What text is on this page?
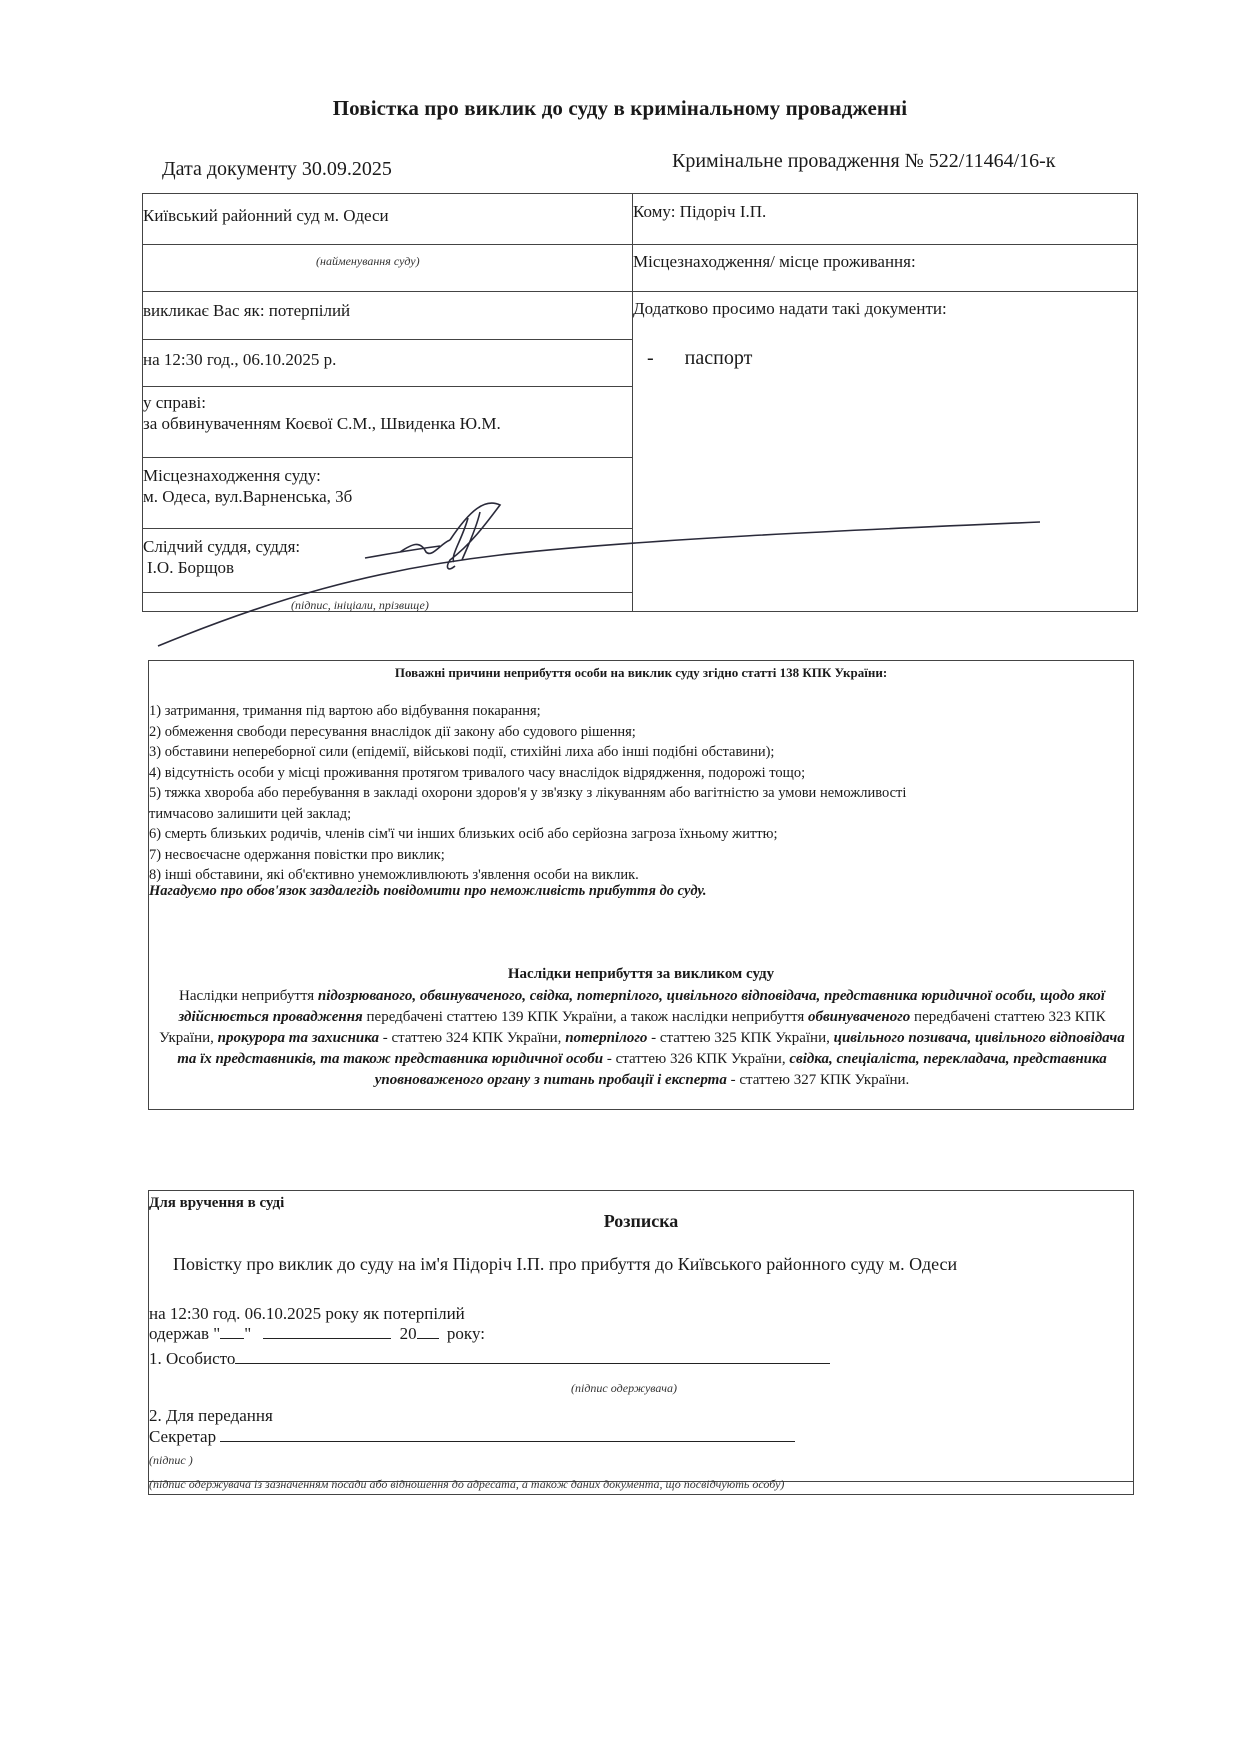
Повістка про виклик до суду в кримінальному провадженні
Дата документу 30.09.2025	Кримінальне провадження № 522/11464/16-к
Київський районний суд м. Одеси
(найменування суду)
викликає Вас як: потерпілий
на 12:30 год., 06.10.2025 р.
у справі:
за обвинуваченням Коєвої С.М., Швиденка Ю.М.
Місцезнаходження суду:
м. Одеса, вул.Варненська, 3б
Слідчий суддя, суддя:
І.О. Борщов
(підпис, ініціали, прізвище)
Кому: Підоріч І.П.
Місцезнаходження/ місце проживання:
Додатково просимо надати такі документи:
- паспорт
Поважні причини неприбуття особи на виклик суду згідно статті 138 КПК України:
1) затримання, тримання під вартою або відбування покарання;
2) обмеження свободи пересування внаслідок дії закону або судового рішення;
3) обставини непереборної сили (епідемії, військові події, стихійні лиха або інші подібні обставини);
4) відсутність особи у місці проживання протягом тривалого часу внаслідок відрядження, подорожі тощо;
5) тяжка хвороба або перебування в закладі охорони здоров'я у зв'язку з лікуванням або вагітністю за умови неможливості
тимчасово залишити цей заклад;
6) смерть близьких родичів, членів сім'ї чи інших близьких осіб або серйозна загроза їхньому життю;
7) несвоєчасне одержання повістки про виклик;
8) інші обставини, які об'єктивно унеможливлюють з'явлення особи на виклик.
Нагадуємо про обов'язок заздалегідь повідомити про неможливість прибуття до суду.
Наслідки неприбуття за викликом суду
Наслідки неприбуття підозрюваного, обвинуваченого, свідка, потерпілого, цивільного відповідача, представника юридичної особи, щодо якої здійснюється провадження передбачені статтею 139 КПК України, а також наслідки неприбуття обвинуваченого передбачені статтею 323 КПК України, прокурора та захисника - статтею 324 КПК України, потерпілого - статтею 325 КПК України, цивільного позивача, цивільного відповідача та їх представників, та також представника юридичної особи - статтею 326 КПК України, свідка, спеціаліста, перекладача, представника уповноваженого органу з питань пробації і експерта - статтею 327 КПК України.
Для вручення в суді
Розписка
Повістку про виклик до суду на ім'я Підоріч І.П. про прибуття до Київського районного суду м. Одеси
на 12:30 год. 06.10.2025 року як потерпілий
одержав " "	20 року:
1. Особисто
(підпис одержувача)
2. Для передання
Секретар
(підпис )
(підпис одержувача із зазначенням посади або відношення до адресата, а також даних документа, що посвідчують особу)
